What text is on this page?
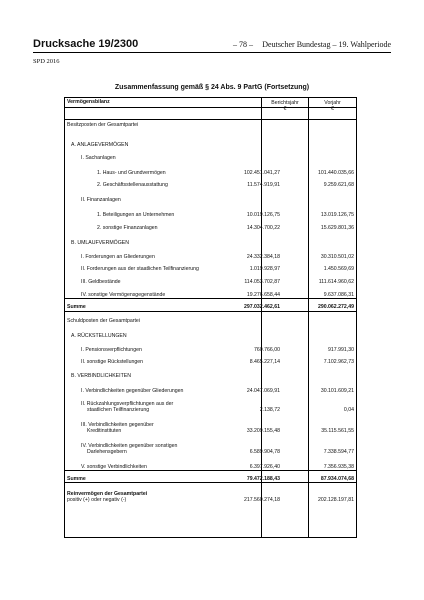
Drucksache 19/2300	– 78 – Deutscher Bundestag – 19. Wahlperiode
SPD 2016
Zusammenfassung gemäß § 24 Abs. 9 PartG (Fortsetzung)
Vermögensbilanz	Berichtsjahr
€
Vorjahr
€
Besitzposten der Gesamtpartei
A. ANLAGEVERMÖGEN
I. Sachanlagen
1. Haus- und Grundvermögen	102.451.041,27	101.440.035,66
2. Geschäftsstellenausstattung	11.574.919,91	9.259.621,68
II. Finanzanlagen
1. Beteiligungen an Unternehmen	10.019.126,75	13.019.126,75
2. sonstige Finanzanlagen	14.304.700,22	15.629.801,36
B. UMLAUFVERMÖGEN
I. Forderungen an Gliederungen	24.332.384,18	30.310.501,02
II. Forderungen aus der staatlichen Teilfinanzierung	1.019.928,97	1.450.569,69
III. Geldbestände	114.053.702,87	111.614.960,62
IV. sonstige Vermögensgegenstände	19.276.658,44	9.637.086,31
Summe	297.032.462,61	290.062.272,49
Schuldposten der Gesamtpartei
A. RÜCKSTELLUNGEN
I. Pensionsverpflichtungen	760.766,00	917.991,30
II. sonstige Rückstellungen	8.465.227,14	7.102.962,73
B. VERBINDLICHKEITEN
I. Verbindlichkeiten gegenüber Gliederungen	24.047.069,91	30.101.609,21
II. Rückzahlungsverpflichtungen aus der
staatlichen Teilfinanzierung	2.138,72	0,04
III. Verbindlichkeiten gegenüber
Kreditinstituten	33.209.155,48	35.115.561,55
IV. Verbindlichkeiten gegenüber sonstigen
Darlehensgebern	6.589.904,78	7.338.594,77
V. sonstige Verbindlichkeiten	6.397.926,40	7.356.935,38
Summe	79.472.188,43	87.934.074,68
Reinvermögen der Gesamtpartei
positiv (+) oder negativ (-)	217.560.274,18	202.128.197,81
